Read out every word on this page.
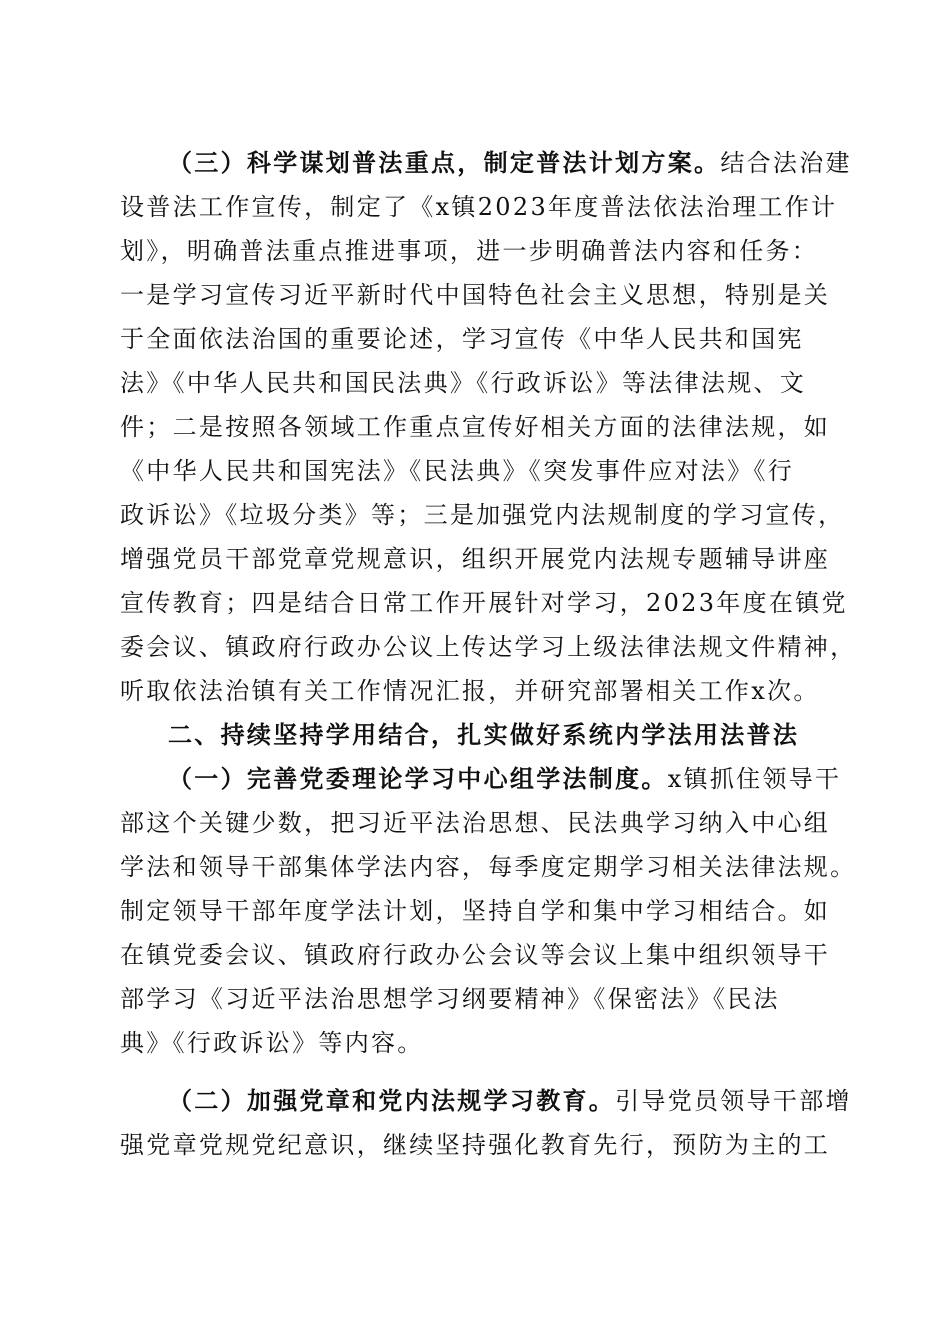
（三）科学谋划普法重点，制定普法计划方案。结合法治建
设普法工作宣传，制定了《x镇2023年度普法依法治理工作计
划》，明确普法重点推进事项，进一步明确普法内容和任务：
一是学习宣传习近平新时代中国特色社会主义思想，特别是关
于全面依法治国的重要论述，学习宣传《中华人民共和国宪
法》《中华人民共和国民法典》《行政诉讼》等法律法规、文
件；二是按照各领域工作重点宣传好相关方面的法律法规，如
《中华人民共和国宪法》《民法典》《突发事件应对法》《行
政诉讼》《垃圾分类》等；三是加强党内法规制度的学习宣传，
增强党员干部党章党规意识，组织开展党内法规专题辅导讲座
宣传教育；四是结合日常工作开展针对学习，2023年度在镇党
委会议、镇政府行政办公议上传达学习上级法律法规文件精神，
听取依法治镇有关工作情况汇报，并研究部署相关工作x次。
二、持续坚持学用结合，扎实做好系统内学法用法普法
（一）完善党委理论学习中心组学法制度。x镇抓住领导干
部这个关键少数，把习近平法治思想、民法典学习纳入中心组
学法和领导干部集体学法内容，每季度定期学习相关法律法规。
制定领导干部年度学法计划，坚持自学和集中学习相结合。如
在镇党委会议、镇政府行政办公会议等会议上集中组织领导干
部学习《习近平法治思想学习纲要精神》《保密法》《民法
典》《行政诉讼》等内容。
（二）加强党章和党内法规学习教育。引导党员领导干部增
强党章党规党纪意识，继续坚持强化教育先行，预防为主的工
